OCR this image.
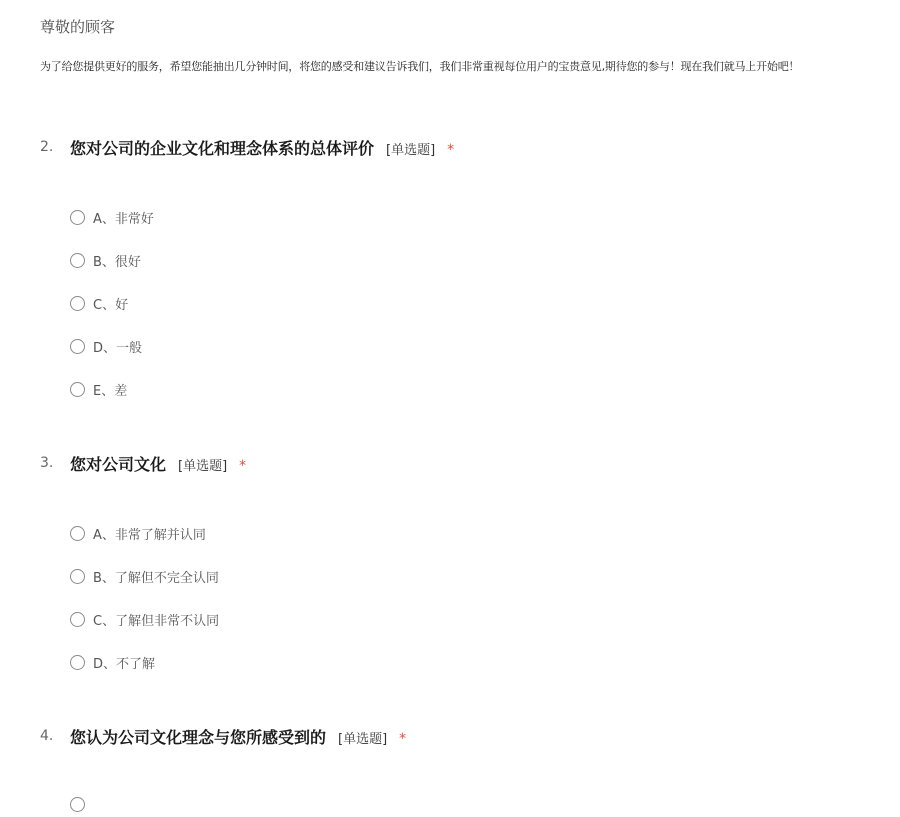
尊敬的顾客
为了给您提供更好的服务，希望您能抽出几分钟时间，将您的感受和建议告诉我们，我们非常重视每位用户的宝贵意见,期待您的参与！现在我们就马上开始吧！
2. 您对公司的企业文化和理念体系的总体评价 [单选题] *
A、非常好
B、很好
C、好
D、一般
E、差
3. 您对公司文化 [单选题] *
A、非常了解并认同
B、了解但不完全认同
C、了解但非常不认同
D、不了解
4. 您认为公司文化理念与您所感受到的 [单选题] *
